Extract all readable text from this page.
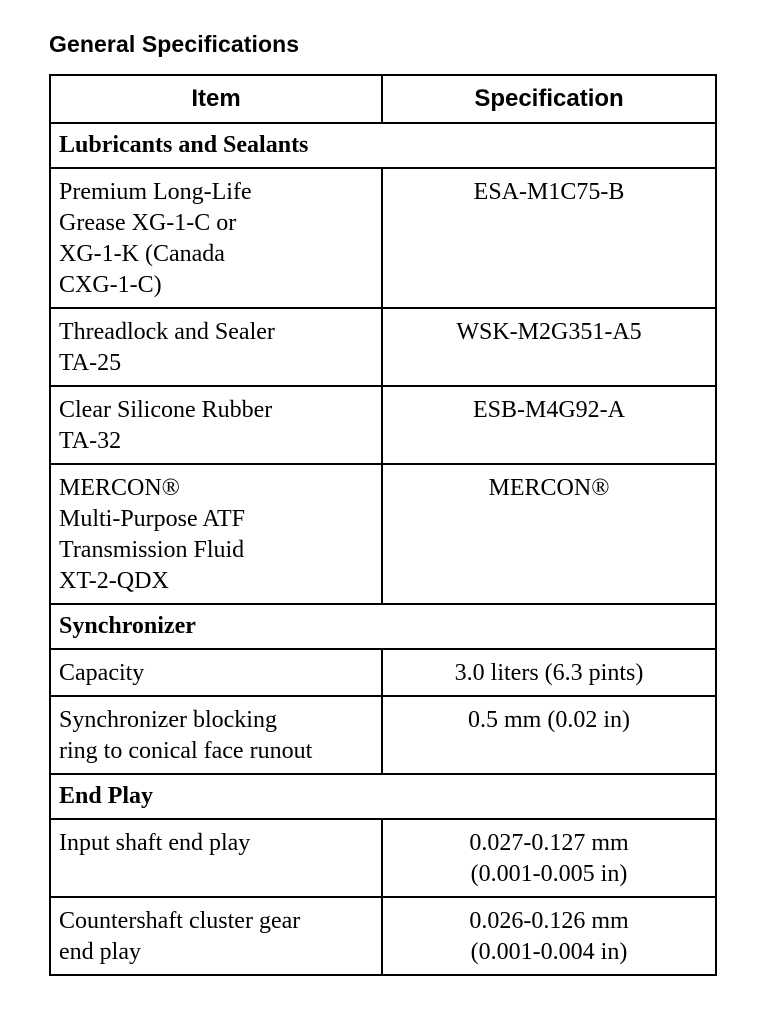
General Specifications
Item	Specification
Lubricants and Sealants	

Premium Long-Life
Grease XG-1-C or
XG-1-K (Canada
CXG-1-C)	ESA-M1C75-B

Threadlock and Sealer
TA-25	WSK-M2G351-A5

Clear Silicone Rubber
TA-32	ESB-M4G92-A

MERCON®
Multi-Purpose ATF
Transmission Fluid
XT-2-QDX	MERCON®

Synchronizer	

Capacity	3.0 liters (6.3 pints)

Synchronizer blocking
ring to conical face runout	0.5 mm (0.02 in)

End Play	

Input shaft end play	0.027-0.127 mm
(0.001-0.005 in)

Countershaft cluster gear
end play	0.026-0.126 mm
(0.001-0.004 in)
